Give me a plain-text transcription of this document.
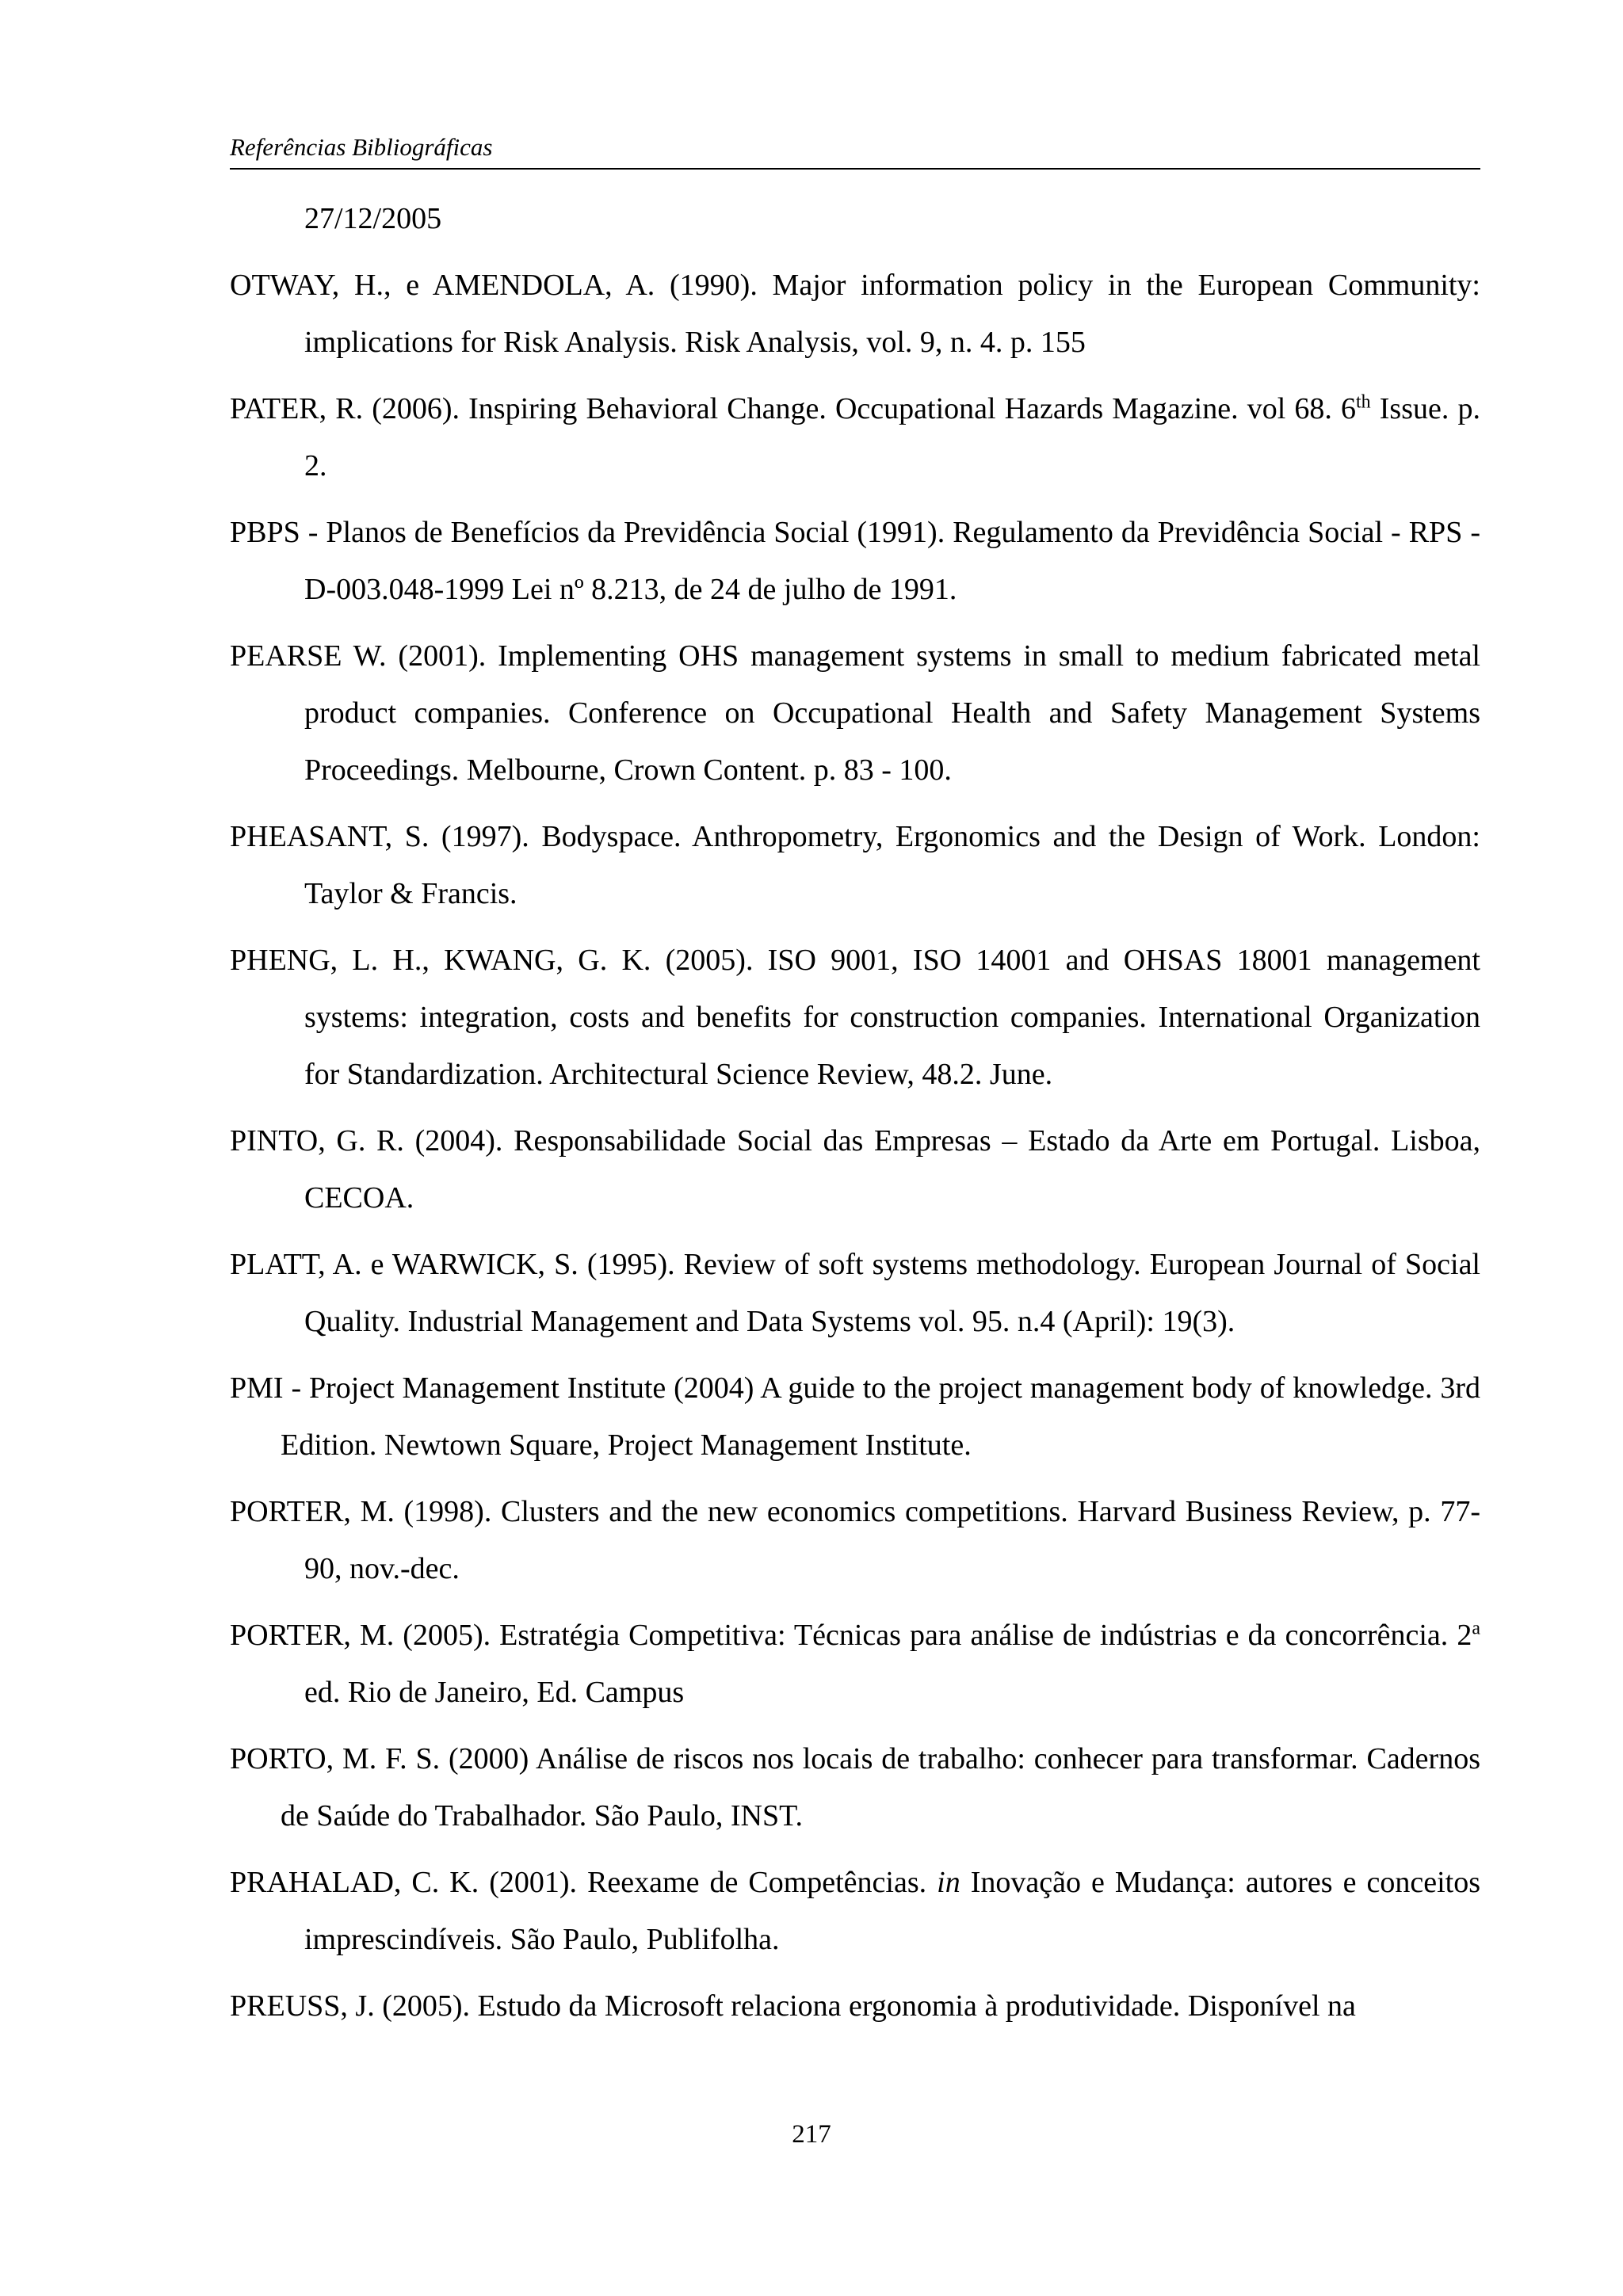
Referências Bibliográficas

27/12/2005

OTWAY, H., e AMENDOLA, A. (1990). Major information policy in the European Community: implications for Risk Analysis. Risk Analysis, vol. 9, n. 4. p. 155

PATER, R. (2006). Inspiring Behavioral Change. Occupational Hazards Magazine. vol 68. 6th Issue. p. 2.

PBPS - Planos de Benefícios da Previdência Social (1991). Regulamento da Previdência Social - RPS - D-003.048-1999 Lei nº 8.213, de 24 de julho de 1991.

PEARSE W. (2001). Implementing OHS management systems in small to medium fabricated metal product companies. Conference on Occupational Health and Safety Management Systems Proceedings. Melbourne, Crown Content. p. 83 - 100.

PHEASANT, S. (1997). Bodyspace. Anthropometry, Ergonomics and the Design of Work. London: Taylor & Francis.

PHENG, L. H., KWANG, G. K. (2005). ISO 9001, ISO 14001 and OHSAS 18001 management systems: integration, costs and benefits for construction companies. International Organization for Standardization. Architectural Science Review, 48.2. June.

PINTO, G. R. (2004). Responsabilidade Social das Empresas – Estado da Arte em Portugal. Lisboa, CECOA.

PLATT, A. e WARWICK, S. (1995). Review of soft systems methodology. European Journal of Social Quality. Industrial Management and Data Systems vol. 95. n.4 (April): 19(3).

PMI - Project Management Institute (2004) A guide to the project management body of knowledge. 3rd Edition. Newtown Square, Project Management Institute.

PORTER, M. (1998). Clusters and the new economics competitions. Harvard Business Review, p. 77-90, nov.-dec.

PORTER, M. (2005). Estratégia Competitiva: Técnicas para análise de indústrias e da concorrência. 2$^a$ ed. Rio de Janeiro, Ed. Campus

PORTO, M. F. S. (2000) Análise de riscos nos locais de trabalho: conhecer para transformar. Cadernos de Saúde do Trabalhador. São Paulo, INST.

PRAHALAD, C. K. (2001). Reexame de Competências. in Inovação e Mudança: autores e conceitos imprescindíveis. São Paulo, Publifolha.

PREUSS, J. (2005). Estudo da Microsoft relaciona ergonomia à produtividade. Disponível na

217
